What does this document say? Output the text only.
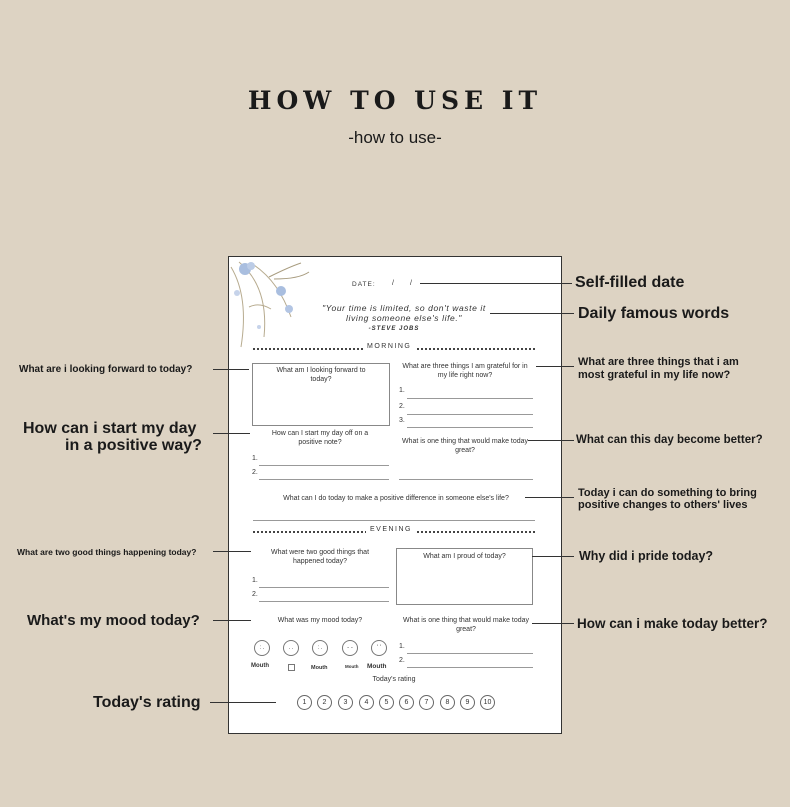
HOW TO USE IT
-how to use-
DATE: / /
"Your time is limited, so don't waste it
living someone else's life."
-STEVE JOBS
MORNING
What am I looking forward to today?
What are three things I am grateful for in my life right now?
1.
2.
3.
How can I start my day off on a positive note?
1.
2.
What is one thing that would make today great?
What can I do today to make a positive difference in someone else's life?
EVENING
What were two good things that happened today?
1.
2.
What am I proud of today?
What was my mood today?
: .	. .	: .	- -	' '
Mouth	Mouth	Mouth Mouth
What is one thing that would make today great?
1.
2.
Today's rating
1	2	3	4	5	6	7	8	9	10
Self-filled date
Daily famous words
What are three things that i am
most grateful in my life now?
What can this day become better?
Today i can do something to bring
positive changes to others' lives
Why did i pride today?
How can i make today better?
What are i looking forward to today?
How can i start my day
in a positive way?
What are two good things happening today?
What's my mood today?
Today's rating
